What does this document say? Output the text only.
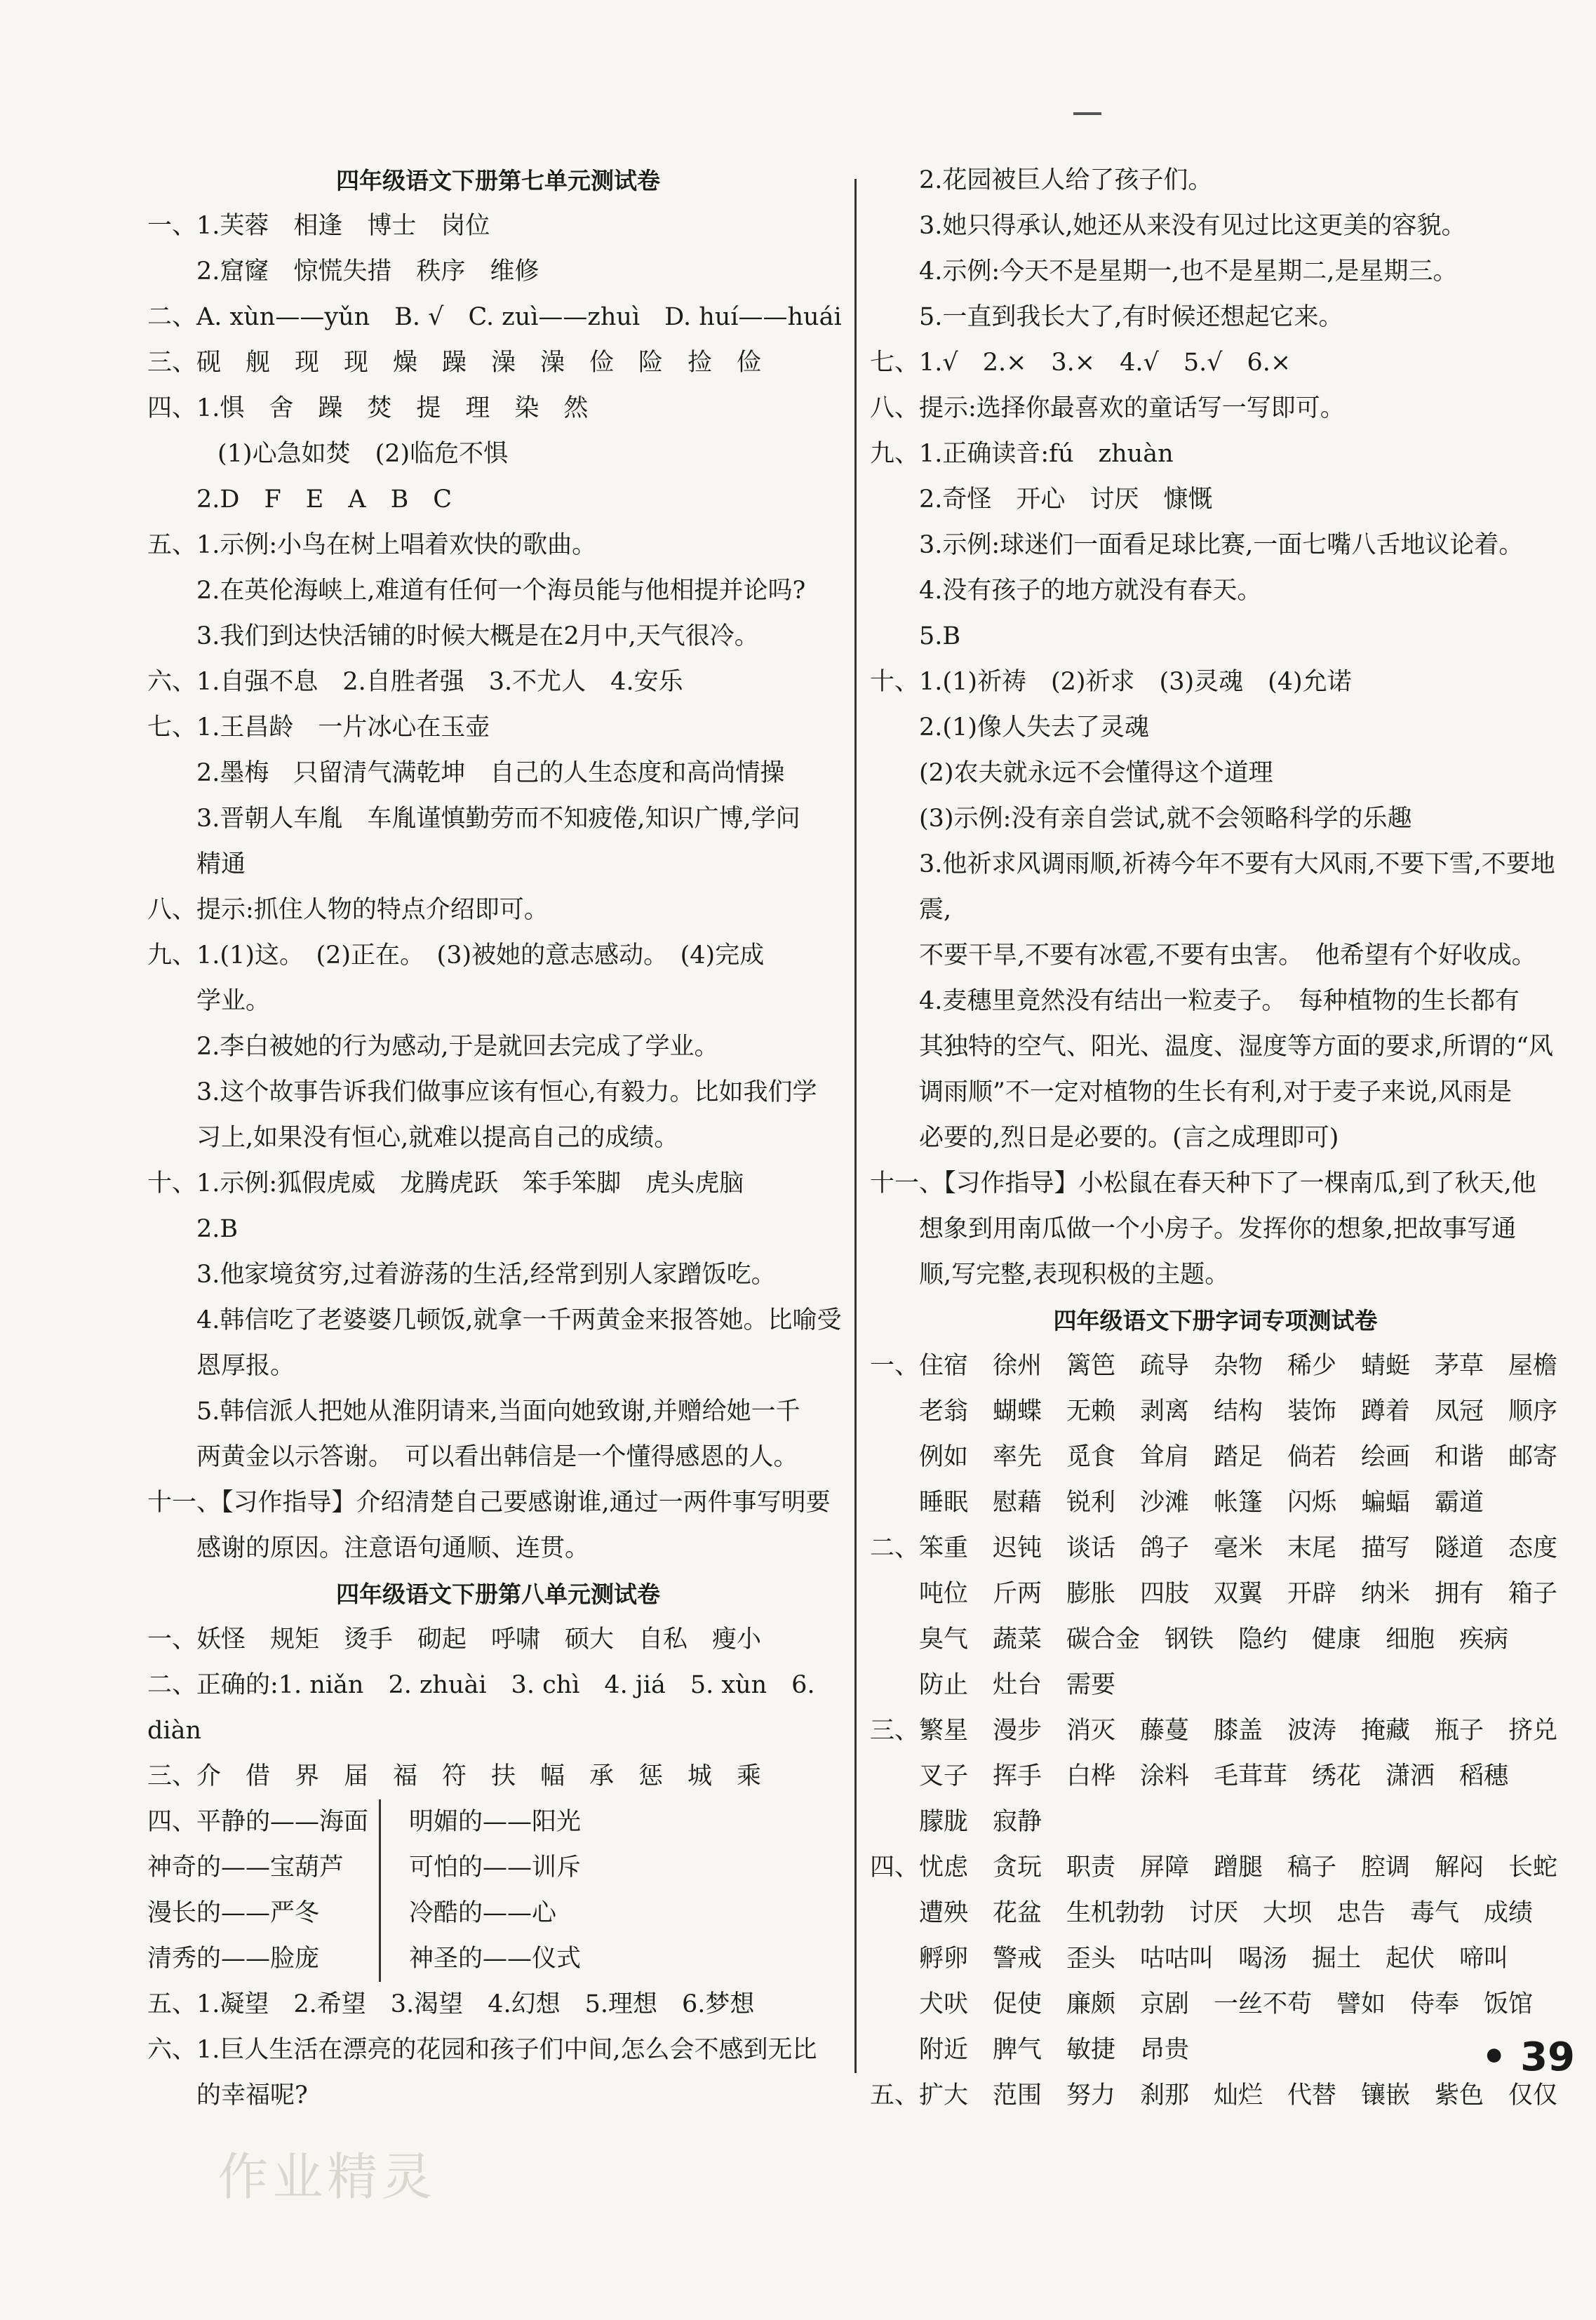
四年级语文下册第七单元测试卷
一、1.芙蓉　相逢　博士　岗位
2.窟窿　惊慌失措　秩序　维修
二、A. xùn——yǔn　B. √　C. zuì——zhuì　D. huí——huái
三、砚　舰　现　现　燥　躁　澡　澡　俭　险　捡　俭
四、1.惧　舍　躁　焚　提　理　染　然
(1)心急如焚　(2)临危不惧
2.D　F　E　A　B　C
五、1.示例:小鸟在树上唱着欢快的歌曲。
2.在英伦海峡上,难道有任何一个海员能与他相提并论吗?
3.我们到达快活铺的时候大概是在2月中,天气很冷。
六、1.自强不息　2.自胜者强　3.不尤人　4.安乐
七、1.王昌龄　一片冰心在玉壶
2.墨梅　只留清气满乾坤　自己的人生态度和高尚情操
3.晋朝人车胤　车胤谨慎勤劳而不知疲倦,知识广博,学问
精通
八、提示:抓住人物的特点介绍即可。
九、1.(1)这。　(2)正在。　(3)被她的意志感动。　(4)完成
学业。
2.李白被她的行为感动,于是就回去完成了学业。
3.这个故事告诉我们做事应该有恒心,有毅力。比如我们学
习上,如果没有恒心,就难以提高自己的成绩。
十、1.示例:狐假虎威　龙腾虎跃　笨手笨脚　虎头虎脑
2.B
3.他家境贫穷,过着游荡的生活,经常到别人家蹭饭吃。
4.韩信吃了老婆婆几顿饭,就拿一千两黄金来报答她。比喻受
恩厚报。
5.韩信派人把她从淮阴请来,当面向她致谢,并赠给她一千
两黄金以示答谢。　可以看出韩信是一个懂得感恩的人。
十一、【习作指导】介绍清楚自己要感谢谁,通过一两件事写明要
感谢的原因。注意语句通顺、连贯。
四年级语文下册第八单元测试卷
一、妖怪　规矩　烫手　砌起　呼啸　硕大　自私　瘦小
二、正确的:1. niǎn　2. zhuài　3. chì　4. jiá　5. xùn　6. diàn
三、介　借　界　届　福　符　扶　幅　承　惩　城　乘
四、平静的——海面
神奇的——宝葫芦
漫长的——严冬
清秀的——脸庞
明媚的——阳光
可怕的——训斥
冷酷的——心
神圣的——仪式
五、1.凝望　2.希望　3.渴望　4.幻想　5.理想　6.梦想
六、1.巨人生活在漂亮的花园和孩子们中间,怎么会不感到无比
的幸福呢?
2.花园被巨人给了孩子们。
3.她只得承认,她还从来没有见过比这更美的容貌。
4.示例:今天不是星期一,也不是星期二,是星期三。
5.一直到我长大了,有时候还想起它来。
七、1.√　2.×　3.×　4.√　5.√　6.×
八、提示:选择你最喜欢的童话写一写即可。
九、1.正确读音:fú　zhuàn
2.奇怪　开心　讨厌　慷慨
3.示例:球迷们一面看足球比赛,一面七嘴八舌地议论着。
4.没有孩子的地方就没有春天。
5.B
十、1.(1)祈祷　(2)祈求　(3)灵魂　(4)允诺
2.(1)像人失去了灵魂
(2)农夫就永远不会懂得这个道理
(3)示例:没有亲自尝试,就不会领略科学的乐趣
3.他祈求风调雨顺,祈祷今年不要有大风雨,不要下雪,不要地震,
不要干旱,不要有冰雹,不要有虫害。　他希望有个好收成。
4.麦穗里竟然没有结出一粒麦子。　每种植物的生长都有
其独特的空气、阳光、温度、湿度等方面的要求,所谓的“风
调雨顺”不一定对植物的生长有利,对于麦子来说,风雨是
必要的,烈日是必要的。(言之成理即可)
十一、【习作指导】小松鼠在春天种下了一棵南瓜,到了秋天,他
想象到用南瓜做一个小房子。发挥你的想象,把故事写通
顺,写完整,表现积极的主题。
四年级语文下册字词专项测试卷
一、住宿　徐州　篱笆　疏导　杂物　稀少　蜻蜓　茅草　屋檐
老翁　蝴蝶　无赖　剥离　结构　装饰　蹲着　凤冠　顺序
例如　率先　觅食　耸肩　踏足　倘若　绘画　和谐　邮寄
睡眠　慰藉　锐利　沙滩　帐篷　闪烁　蝙蝠　霸道
二、笨重　迟钝　谈话　鸽子　毫米　末尾　描写　隧道　态度
吨位　斤两　膨胀　四肢　双翼　开辟　纳米　拥有　箱子
臭气　蔬菜　碳合金　钢铁　隐约　健康　细胞　疾病
防止　灶台　需要
三、繁星　漫步　消灭　藤蔓　膝盖　波涛　掩藏　瓶子　挤兑
叉子　挥手　白桦　涂料　毛茸茸　绣花　潇洒　稻穗
朦胧　寂静
四、忧虑　贪玩　职责　屏障　蹭腿　稿子　腔调　解闷　长蛇
遭殃　花盆　生机勃勃　讨厌　大坝　忠告　毒气　成绩
孵卵　警戒　歪头　咕咕叫　喝汤　掘土　起伏　啼叫
犬吠　促使　廉颇　京剧　一丝不苟　譬如　侍奉　饭馆
附近　脾气　敏捷　昂贵
五、扩大　范围　努力　刹那　灿烂　代替　镶嵌　紫色　仅仅
• 39
作业精灵
